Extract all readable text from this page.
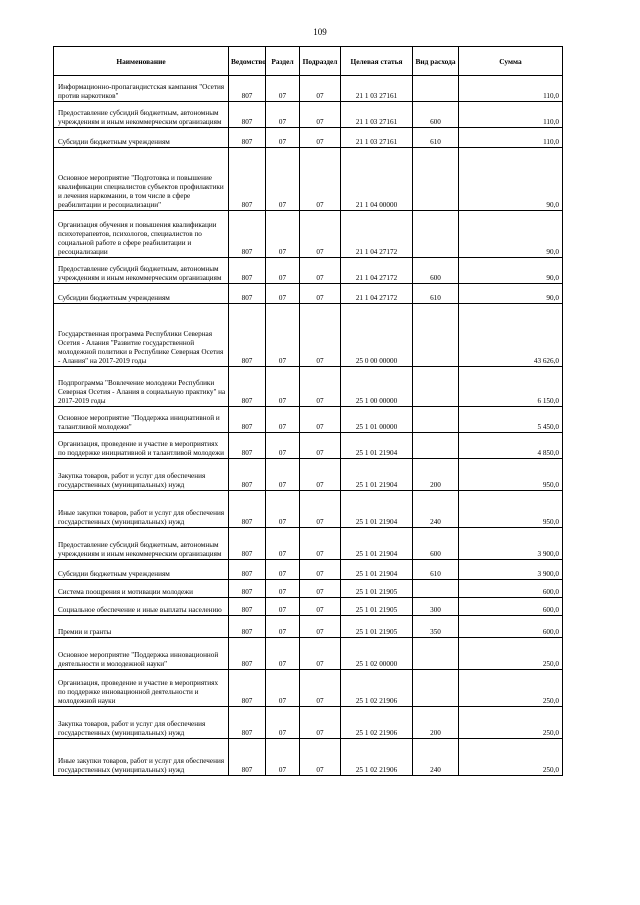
109
Наименование	Ведомство	Раздел	Подраздел	Целевая статья	Вид расхода	Сумма
Информационно-пропагандистская кампания "Осетия против наркотиков"	807	07	07	21 1 03 27161		110,0
Предоставление субсидий бюджетным, автономным учреждениям и иным некоммерческим организациям	807	07	07	21 1 03 27161	600	110,0
Субсидии бюджетным учреждениям	807	07	07	21 1 03 27161	610	110,0
Основное мероприятие "Подготовка и повышение квалификации специалистов субъектов профилактики и лечения наркомании, в том числе в сфере реабилитации и ресоциализации"	807	07	07	21 1 04 00000		90,0
Организация обучения и повышения квалификации психотерапевтов, психологов, специалистов по социальной работе в сфере реабилитации и ресоциализации	807	07	07	21 1 04 27172		90,0
Предоставление субсидий бюджетным, автономным учреждениям и иным некоммерческим организациям	807	07	07	21 1 04 27172	600	90,0
Субсидии бюджетным учреждениям	807	07	07	21 1 04 27172	610	90,0
Государственная программа Республики Северная Осетия - Алания "Развитие государственной молодежной политики в Республике Северная Осетия - Алания" на 2017-2019 годы	807	07	07	25 0 00 00000		43 626,0
Подпрограмма "Вовлечение молодежи Республики Северная Осетия - Алания в социальную практику" на 2017-2019 годы	807	07	07	25 1 00 00000		6 150,0
Основное мероприятие "Поддержка инициативной и талантливой молодежи"	807	07	07	25 1 01 00000		5 450,0
Организация, проведение и участие в мероприятиях по поддержке инициативной и талантливой молодежи	807	07	07	25 1 01 21904		4 850,0
Закупка товаров, работ и услуг для обеспечения государственных (муниципальных) нужд	807	07	07	25 1 01 21904	200	950,0
Иные закупки товаров, работ и услуг для обеспечения государственных (муниципальных) нужд	807	07	07	25 1 01 21904	240	950,0
Предоставление субсидий бюджетным, автономным учреждениям и иным некоммерческим организациям	807	07	07	25 1 01 21904	600	3 900,0
Субсидии бюджетным учреждениям	807	07	07	25 1 01 21904	610	3 900,0
Система поощрения и мотивации молодежи	807	07	07	25 1 01 21905		600,0
Социальное обеспечение и иные выплаты населению	807	07	07	25 1 01 21905	300	600,0
Премии и гранты	807	07	07	25 1 01 21905	350	600,0
Основное мероприятие "Поддержка инновационной деятельности и молодежной науки"	807	07	07	25 1 02 00000		250,0
Организация, проведение и участие в мероприятиях по поддержке инновационной деятельности и молодежной науки	807	07	07	25 1 02 21906		250,0
Закупка товаров, работ и услуг для обеспечения государственных (муниципальных) нужд	807	07	07	25 1 02 21906	200	250,0
Иные закупки товаров, работ и услуг для обеспечения государственных (муниципальных) нужд	807	07	07	25 1 02 21906	240	250,0
